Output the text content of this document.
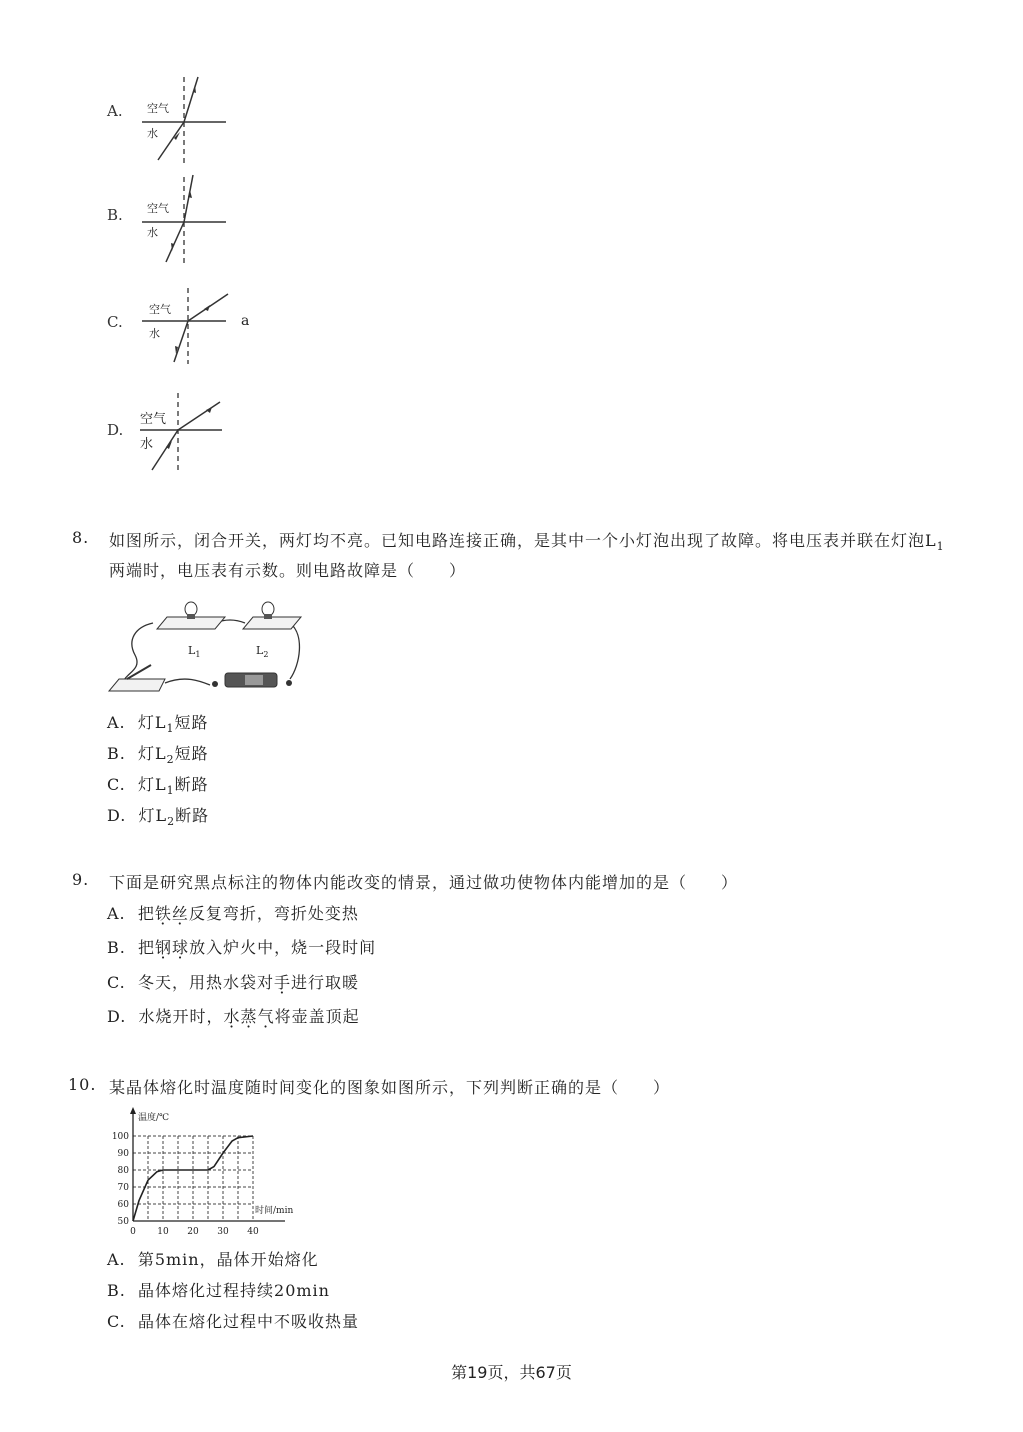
A. 空气
水
B. 空气
水
C.
空气
水
a
D.
空气
水
8. 如图所示，闭合开关，两灯均不亮。已知电路连接正确，是其中一个小灯泡出现了故障。将电压表并联在灯泡$L_1$
两端时，电压表有示数。则电路故障是（　　）
$L_1$	$L_2$
A. 灯$L_1$短路
B. 灯$L_2$短路
C. 灯$L_1$断路
D. 灯$L_2$断路
9. 下面是研究黑点标注的物体内能改变的情景，通过做功使物体内能增加的是（　　）
A. 把铁丝反复弯折，弯折处变热
B. 把钢球放入炉火中，烧一段时间
C. 冬天，用热水袋对手进行取暖
D. 水烧开时，水蒸气将壶盖顶起
10. 某晶体熔化时温度随时间变化的图象如图所示，下列判断正确的是（　　）
0 10 20 30 40
50
60
70
80
90
100
温度/℃
时间/min
A. 第5min，晶体开始熔化
B. 晶体熔化过程持续20min
C. 晶体在熔化过程中不吸收热量
第19页，共67页
